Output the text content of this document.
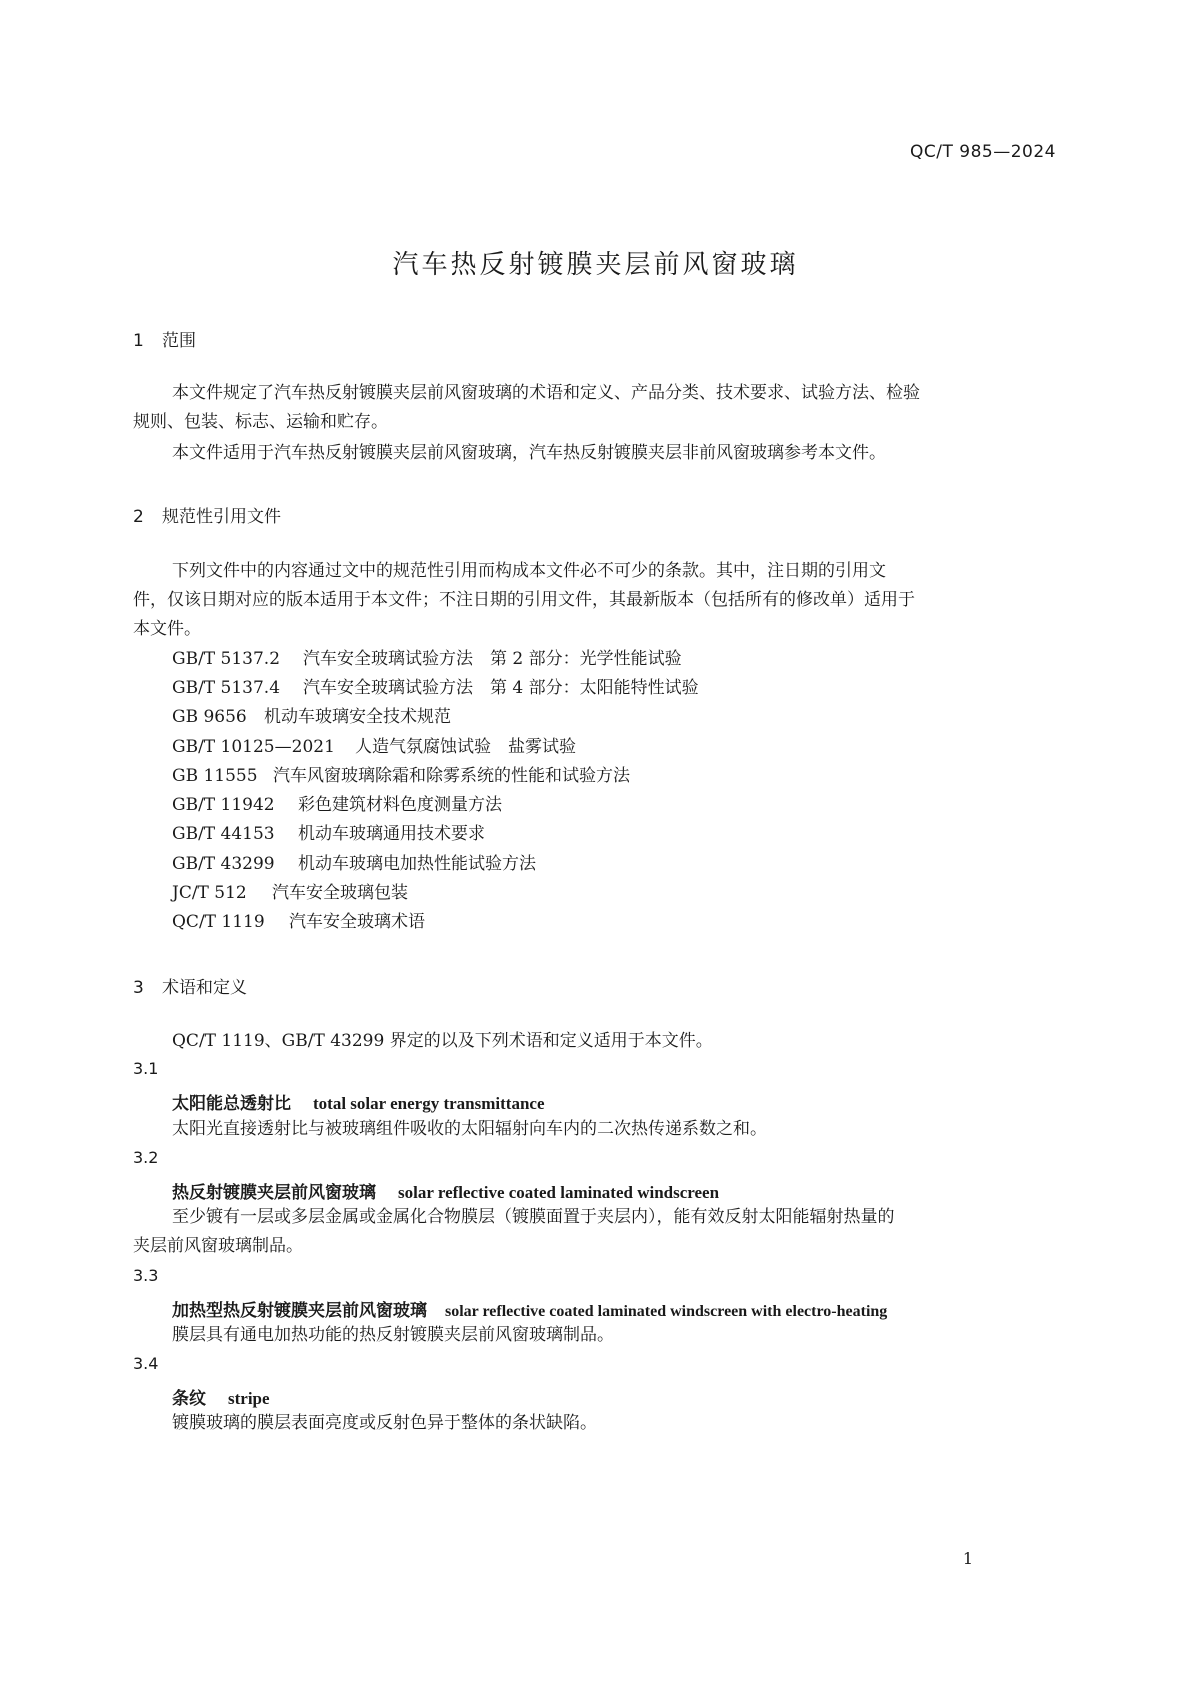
QC/T 985—2024
汽车热反射镀膜夹层前风窗玻璃
1 范围
本文件规定了汽车热反射镀膜夹层前风窗玻璃的术语和定义、产品分类、技术要求、试验方法、检验
规则、包装、标志、运输和贮存。
本文件适用于汽车热反射镀膜夹层前风窗玻璃，汽车热反射镀膜夹层非前风窗玻璃参考本文件。
2 规范性引用文件
下列文件中的内容通过文中的规范性引用而构成本文件必不可少的条款。其中，注日期的引用文
件，仅该日期对应的版本适用于本文件；不注日期的引用文件，其最新版本（包括所有的修改单）适用于
本文件。
GB/T 5137.2 汽车安全玻璃试验方法　第 2 部分：光学性能试验
GB/T 5137.4 汽车安全玻璃试验方法　第 4 部分：太阳能特性试验
GB 9656 机动车玻璃安全技术规范
GB/T 10125—2021 人造气氛腐蚀试验　盐雾试验
GB 11555 汽车风窗玻璃除霜和除雾系统的性能和试验方法
GB/T 11942 彩色建筑材料色度测量方法
GB/T 44153 机动车玻璃通用技术要求
GB/T 43299 机动车玻璃电加热性能试验方法
JC/T 512 汽车安全玻璃包装
QC/T 1119 汽车安全玻璃术语
3 术语和定义
QC/T 1119、GB/T 43299 界定的以及下列术语和定义适用于本文件。
3.1
太阳能总透射比 total solar energy transmittance
太阳光直接透射比与被玻璃组件吸收的太阳辐射向车内的二次热传递系数之和。
3.2
热反射镀膜夹层前风窗玻璃 solar reflective coated laminated windscreen
至少镀有一层或多层金属或金属化合物膜层（镀膜面置于夹层内），能有效反射太阳能辐射热量的
夹层前风窗玻璃制品。
3.3
加热型热反射镀膜夹层前风窗玻璃 solar reflective coated laminated windscreen with electro-heating
膜层具有通电加热功能的热反射镀膜夹层前风窗玻璃制品。
3.4
条纹 stripe
镀膜玻璃的膜层表面亮度或反射色异于整体的条状缺陷。
1
